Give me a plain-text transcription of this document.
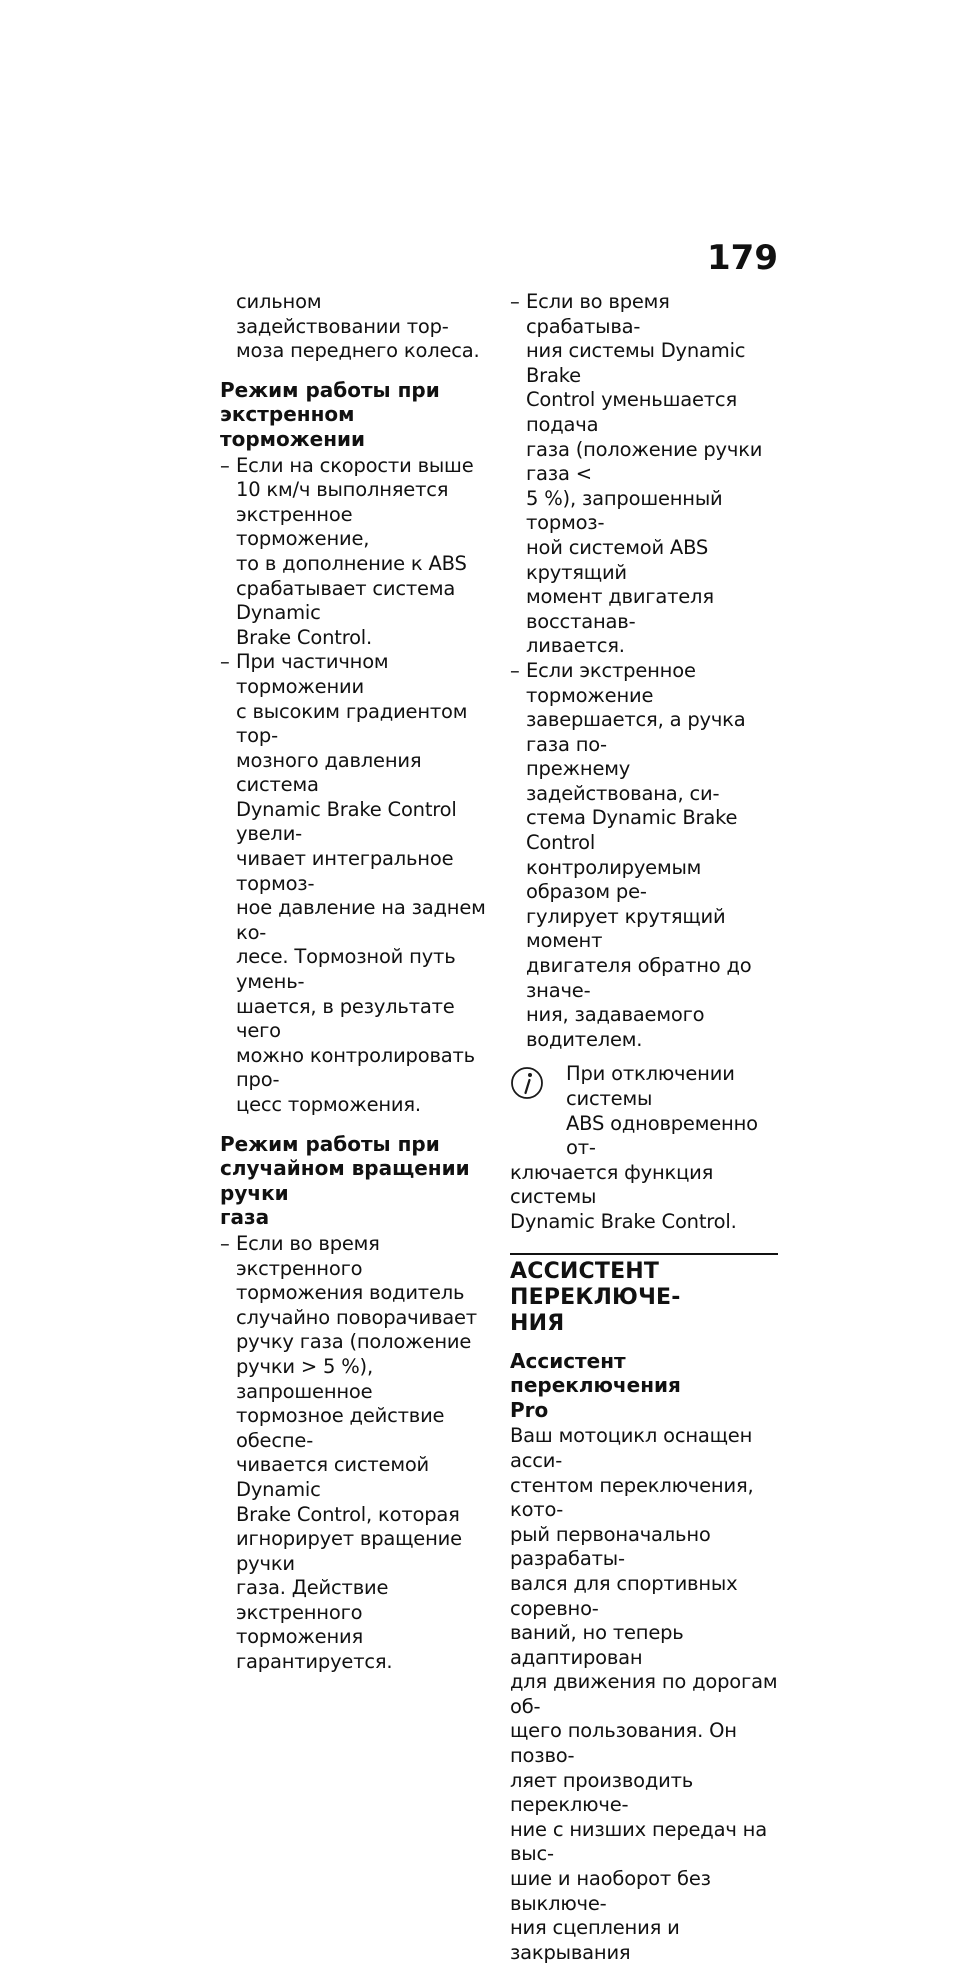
179
сильном задействовании тор-
моза переднего колеса.
Режим работы при
экстренном торможении
– Если на скорости выше
10 км/ч выполняется
экстренное торможение,
то в дополнение к ABS
срабатывает система Dynamic
Brake Control.
– При частичном торможении
с высоким градиентом тор-
мозного давления система
Dynamic Brake Control увели-
чивает интегральное тормоз-
ное давление на заднем ко-
лесе. Тормозной путь умень-
шается, в результате чего
можно контролировать про-
цесс торможения.
Режим работы при
случайном вращении ручки
газа
– Если во время экстренного
торможения водитель
случайно поворачивает
ручку газа (положение
ручки > 5 %), запрошенное
тормозное действие обеспе-
чивается системой Dynamic
Brake Control, которая
игнорирует вращение ручки
газа. Действие экстренного
торможения гарантируется.
– Если во время срабатыва-
ния системы Dynamic Brake
Control уменьшается подача
газа (положение ручки газа <
5 %), запрошенный тормоз-
ной системой ABS крутящий
момент двигателя восстанав-
ливается.
– Если экстренное торможение
завершается, а ручка газа по-
прежнему задействована, си-
стема Dynamic Brake Control
контролируемым образом ре-
гулирует крутящий момент
двигателя обратно до значе-
ния, задаваемого водителем.
При отключении системы
ABS одновременно от-
ключается функция системы
Dynamic Brake Control.
АССИСТЕНТ ПЕРЕКЛЮЧЕ-
НИЯ
Ассистент переключения
Pro
Ваш мотоцикл оснащен асси-
стентом переключения, кото-
рый первоначально разрабаты-
вался для спортивных соревно-
ваний, но теперь адаптирован
для движения по дорогам об-
щего пользования. Он позво-
ляет производить переключе-
ние с низших передач на выс-
шие и наоборот без выключе-
ния сцепления и закрывания
